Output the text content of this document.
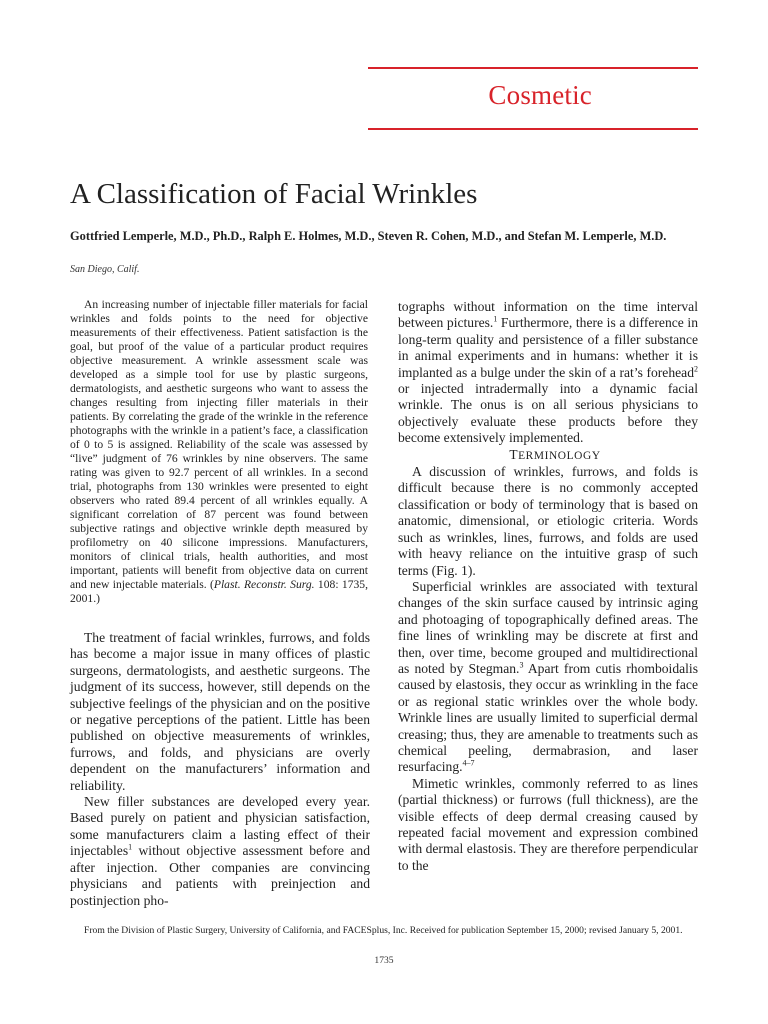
Cosmetic
A Classification of Facial Wrinkles
Gottfried Lemperle, M.D., Ph.D., Ralph E. Holmes, M.D., Steven R. Cohen, M.D., and Stefan M. Lemperle, M.D.
San Diego, Calif.

An increasing number of injectable filler materials for facial wrinkles and folds points to the need for objective measurements of their effectiveness. Patient satisfaction is the goal, but proof of the value of a particular product requires objective measurement. A wrinkle assessment scale was developed as a simple tool for use by plastic surgeons, dermatologists, and aesthetic surgeons who want to assess the changes resulting from injecting filler materials in their patients. By correlating the grade of the wrinkle in the reference photographs with the wrinkle in a patient’s face, a classification of 0 to 5 is assigned. Reliability of the scale was assessed by “live” judgment of 76 wrinkles by nine observers. The same rating was given to 92.7 percent of all wrinkles. In a second trial, photographs from 130 wrinkles were presented to eight observers who rated 89.4 percent of all wrinkles equally. A significant correlation of 87 percent was found between subjective ratings and objective wrinkle depth measured by profilometry on 40 silicone impressions. Manufacturers, monitors of clinical trials, health authorities, and most important, patients will benefit from objective data on current and new injectable materials. (Plast. Reconstr. Surg. 108: 1735, 2001.)

The treatment of facial wrinkles, furrows, and folds has become a major issue in many offices of plastic surgeons, dermatologists, and aesthetic surgeons. The judgment of its success, however, still depends on the subjective feelings of the physician and on the positive or negative perceptions of the patient. Little has been published on objective measurements of wrinkles, furrows, and folds, and physicians are overly dependent on the manufacturers’ information and reliability.

New filler substances are developed every year. Based purely on patient and physician satisfaction, some manufacturers claim a lasting effect of their injectables$^1$ without objective assessment before and after injection. Other companies are convincing physicians and patients with preinjection and postinjection pho-

tographs without information on the time interval between pictures.$^1$ Furthermore, there is a difference in long-term quality and persistence of a filler substance in animal experiments and in humans: whether it is implanted as a bulge under the skin of a rat’s forehead$^2$ or injected intradermally into a dynamic facial wrinkle. The onus is on all serious physicians to objectively evaluate these products before they become extensively implemented.

TERMINOLOGY

A discussion of wrinkles, furrows, and folds is difficult because there is no commonly accepted classification or body of terminology that is based on anatomic, dimensional, or etiologic criteria. Words such as wrinkles, lines, furrows, and folds are used with heavy reliance on the intuitive grasp of such terms (Fig. 1).

Superficial wrinkles are associated with textural changes of the skin surface caused by intrinsic aging and photoaging of topographically defined areas. The fine lines of wrinkling may be discrete at first and then, over time, become grouped and multidirectional as noted by Stegman.$^3$ Apart from cutis rhomboidalis caused by elastosis, they occur as wrinkling in the face or as regional static wrinkles over the whole body. Wrinkle lines are usually limited to superficial dermal creasing; thus, they are amenable to treatments such as chemical peeling, dermabrasion, and laser resurfacing.$^{4-7}$

Mimetic wrinkles, commonly referred to as lines (partial thickness) or furrows (full thickness), are the visible effects of deep dermal creasing caused by repeated facial movement and expression combined with dermal elastosis. They are therefore perpendicular to the

From the Division of Plastic Surgery, University of California, and FACESplus, Inc. Received for publication September 15, 2000; revised January 5, 2001.
1735
